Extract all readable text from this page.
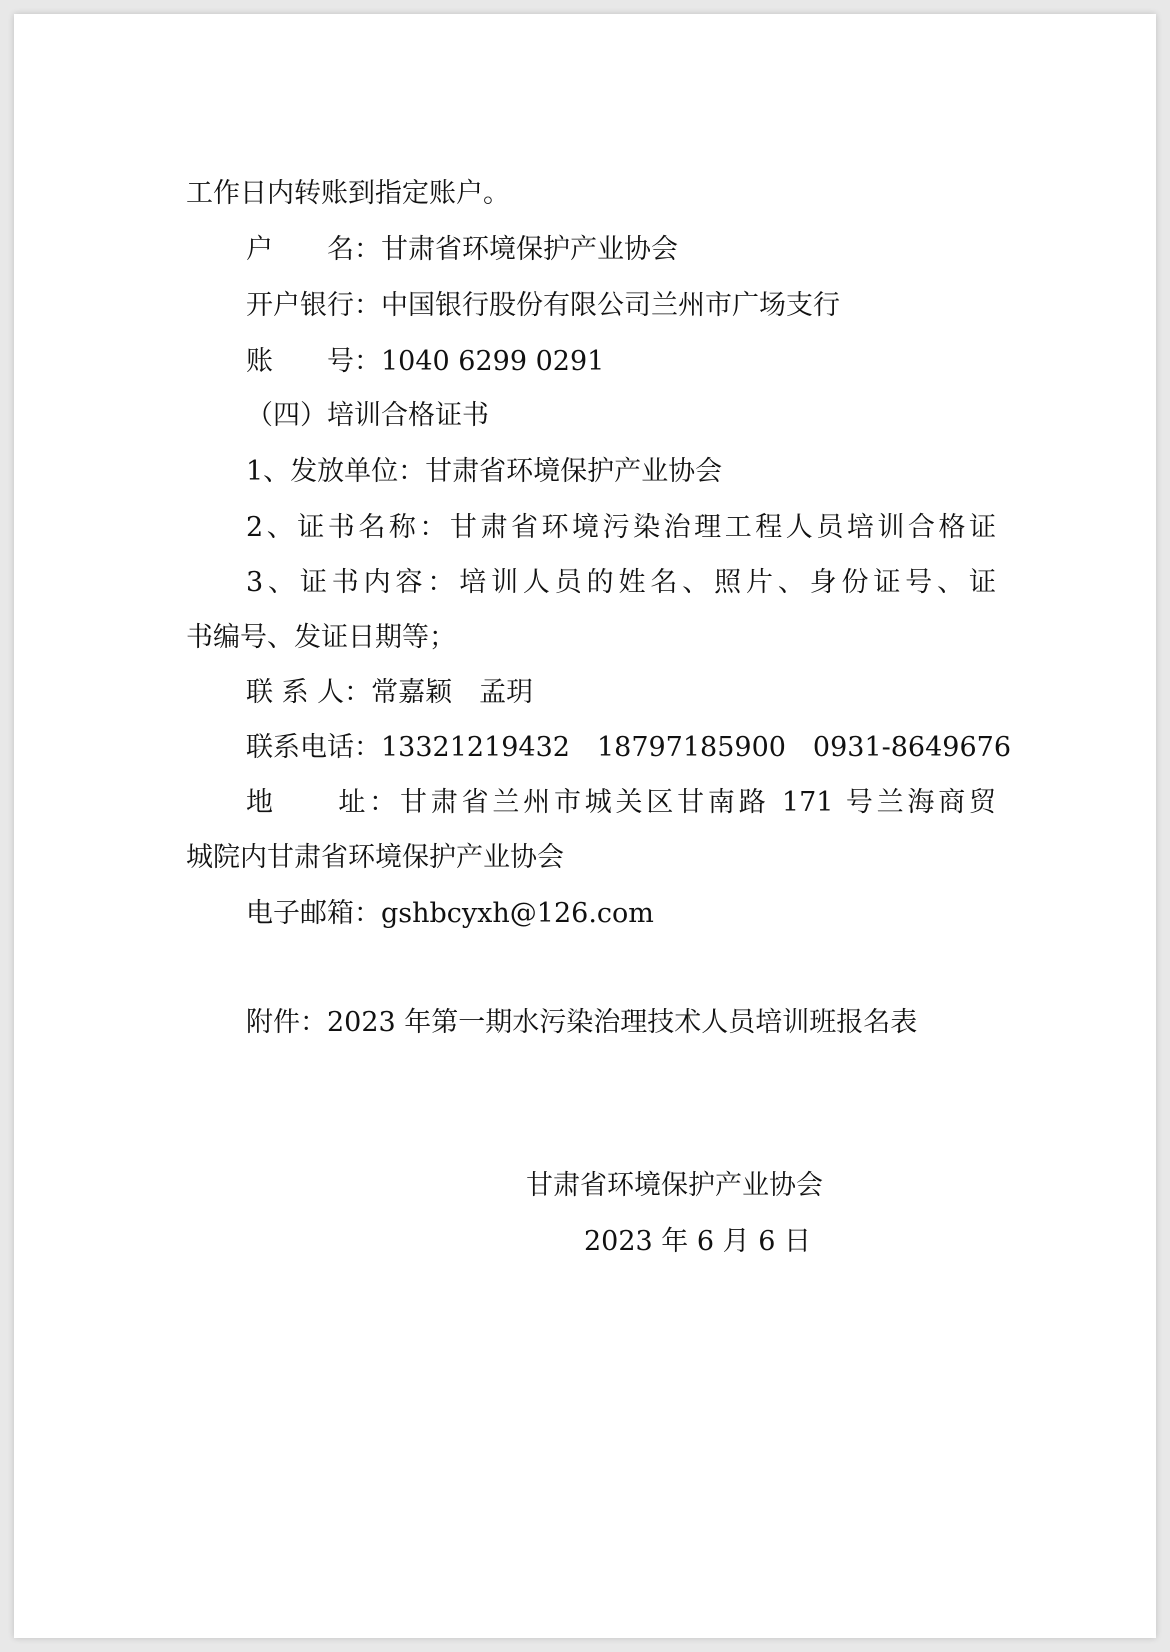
工作日内转账到指定账户。
户　　名：甘肃省环境保护产业协会
开户银行：中国银行股份有限公司兰州市广场支行
账　　号：1040 6299 0291
（四）培训合格证书
1、发放单位：甘肃省环境保护产业协会
2、证书名称：甘肃省环境污染治理工程人员培训合格证
3、证书内容：培训人员的姓名、照片、身份证号、证
书编号、发证日期等；
联 系 人：常嘉颖　孟玥
联系电话：13321219432　18797185900　0931-8649676
地　　址：甘肃省兰州市城关区甘南路 171 号兰海商贸
城院内甘肃省环境保护产业协会
电子邮箱：gshbcyxh@126.com
附件：2023 年第一期水污染治理技术人员培训班报名表
甘肃省环境保护产业协会
2023 年 6 月 6 日
